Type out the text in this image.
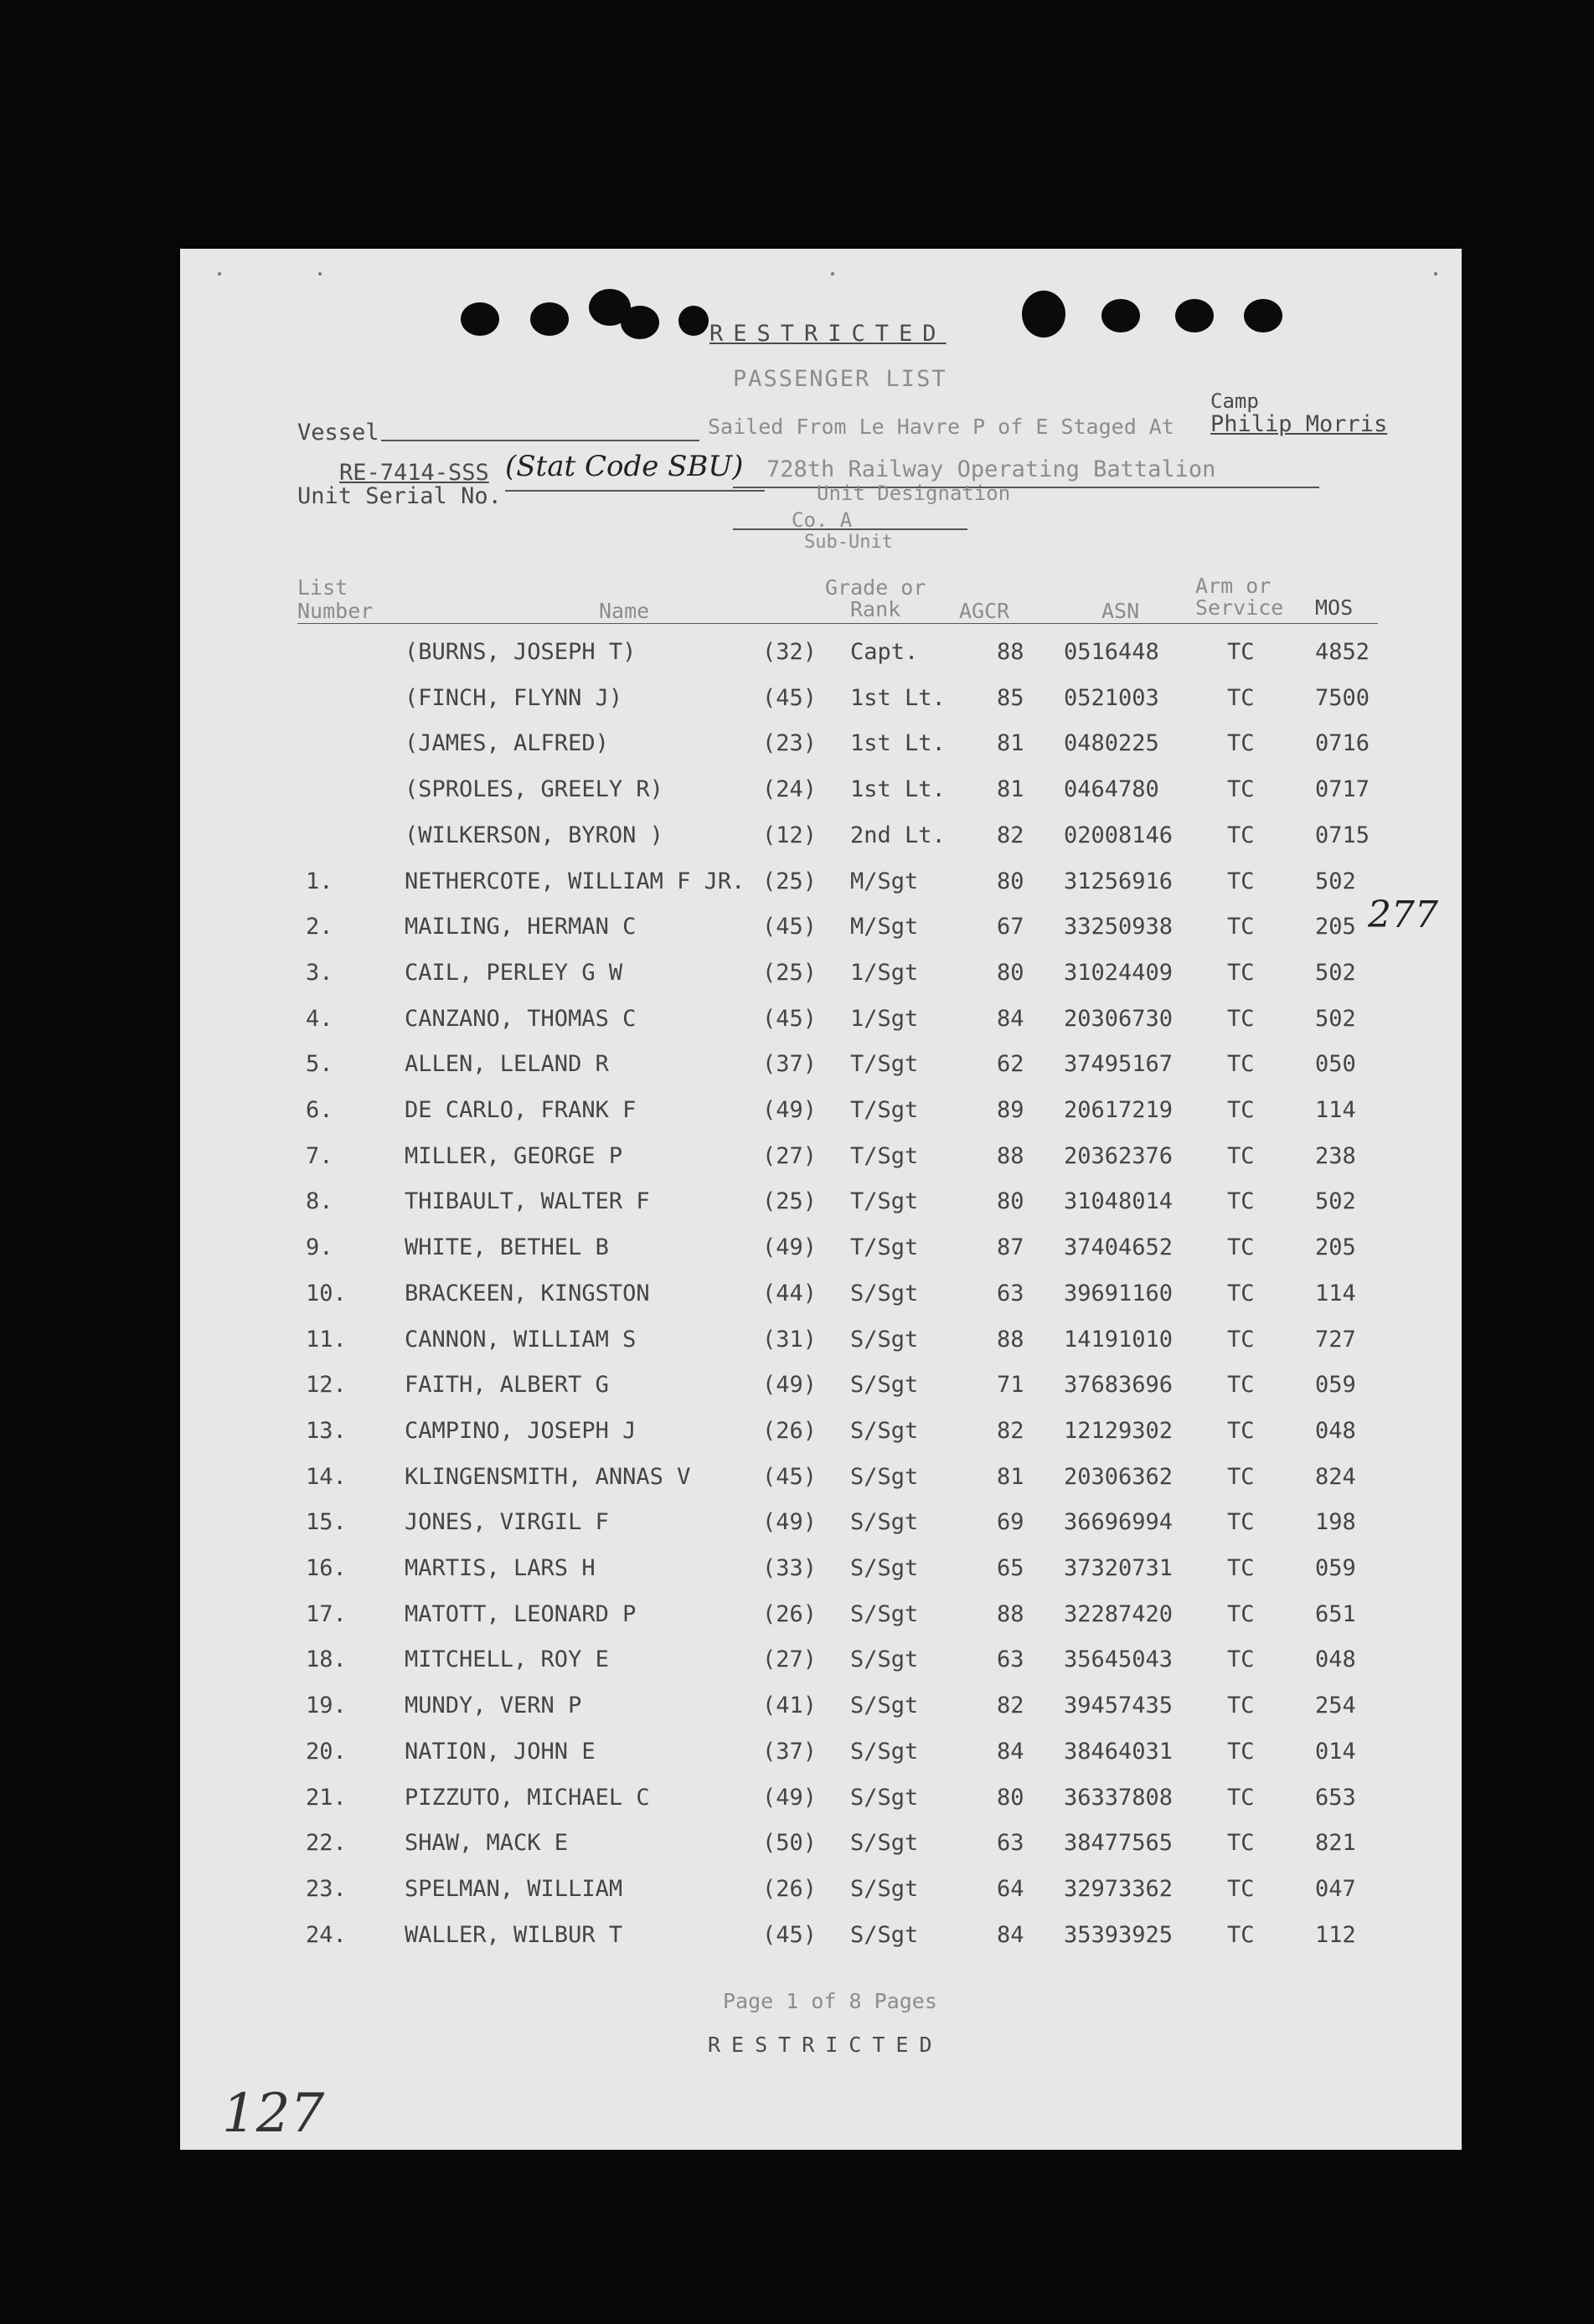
RESTRICTED
PASSENGER LIST
Camp
Vessel	Sailed From Le Havre P of E Staged At Philip Morris
RE-7414-SSS (Stat Code SBU)
Unit Serial No.
728th Railway Operating Battalion
Unit Designation
Co. A
Sub-Unit
List
Number	Name
Grade or
Rank	AGCR	ASN
Arm or
Service MOS
(BURNS, JOSEPH T)	(32) Capt.	88 0516448	TC	4852
(FINCH, FLYNN J)	(45) 1st Lt. 85 0521003	TC	7500
(JAMES, ALFRED)	(23) 1st Lt. 81 0480225	TC	0716
(SPROLES, GREELY R)	(24) 1st Lt. 81 0464780	TC	0717
(WILKERSON, BYRON )	(12) 2nd Lt. 82 02008146 TC	0715
1.	NETHERCOTE, WILLIAM F JR. (25) M/Sgt	80 31256916 TC	502
2.	MAILING, HERMAN C	(45) M/Sgt	67 33250938 TC	205
3.	CAIL, PERLEY G W	(25) 1/Sgt	80 31024409 TC	502
4.	CANZANO, THOMAS C	(45) 1/Sgt	84 20306730 TC	502
5.	ALLEN, LELAND R	(37) T/Sgt	62 37495167 TC	050
6.	DE CARLO, FRANK F	(49) T/Sgt	89 20617219 TC	114
7.	MILLER, GEORGE P	(27) T/Sgt	88 20362376 TC	238
8.	THIBAULT, WALTER F	(25) T/Sgt	80 31048014 TC	502
9.	WHITE, BETHEL B	(49) T/Sgt	87 37404652 TC	205
10.	BRACKEEN, KINGSTON	(44) S/Sgt	63 39691160 TC	114
11.	CANNON, WILLIAM S	(31) S/Sgt	88 14191010 TC	727
12.	FAITH, ALBERT G	(49) S/Sgt	71 37683696 TC	059
13.	CAMPINO, JOSEPH J	(26) S/Sgt	82 12129302 TC	048
14.	KLINGENSMITH, ANNAS V	(45) S/Sgt	81 20306362 TC	824
15.	JONES, VIRGIL F	(49) S/Sgt	69 36696994 TC	198
16.	MARTIS, LARS H	(33) S/Sgt	65 37320731 TC	059
17.	MATOTT, LEONARD P	(26) S/Sgt	88 32287420 TC	651
18.	MITCHELL, ROY E	(27) S/Sgt	63 35645043 TC	048
19.	MUNDY, VERN P	(41) S/Sgt	82 39457435 TC	254
20.	NATION, JOHN E	(37) S/Sgt	84 38464031 TC	014
21.	PIZZUTO, MICHAEL C	(49) S/Sgt	80 36337808 TC	653
22.	SHAW, MACK E	(50) S/Sgt	63 38477565 TC	821
23.	SPELMAN, WILLIAM	(26) S/Sgt	64 32973362 TC	047
24.	WALLER, WILBUR T	(45) S/Sgt	84 35393925 TC	112
277
127
Page 1 of 8 Pages
RESTRICTED
